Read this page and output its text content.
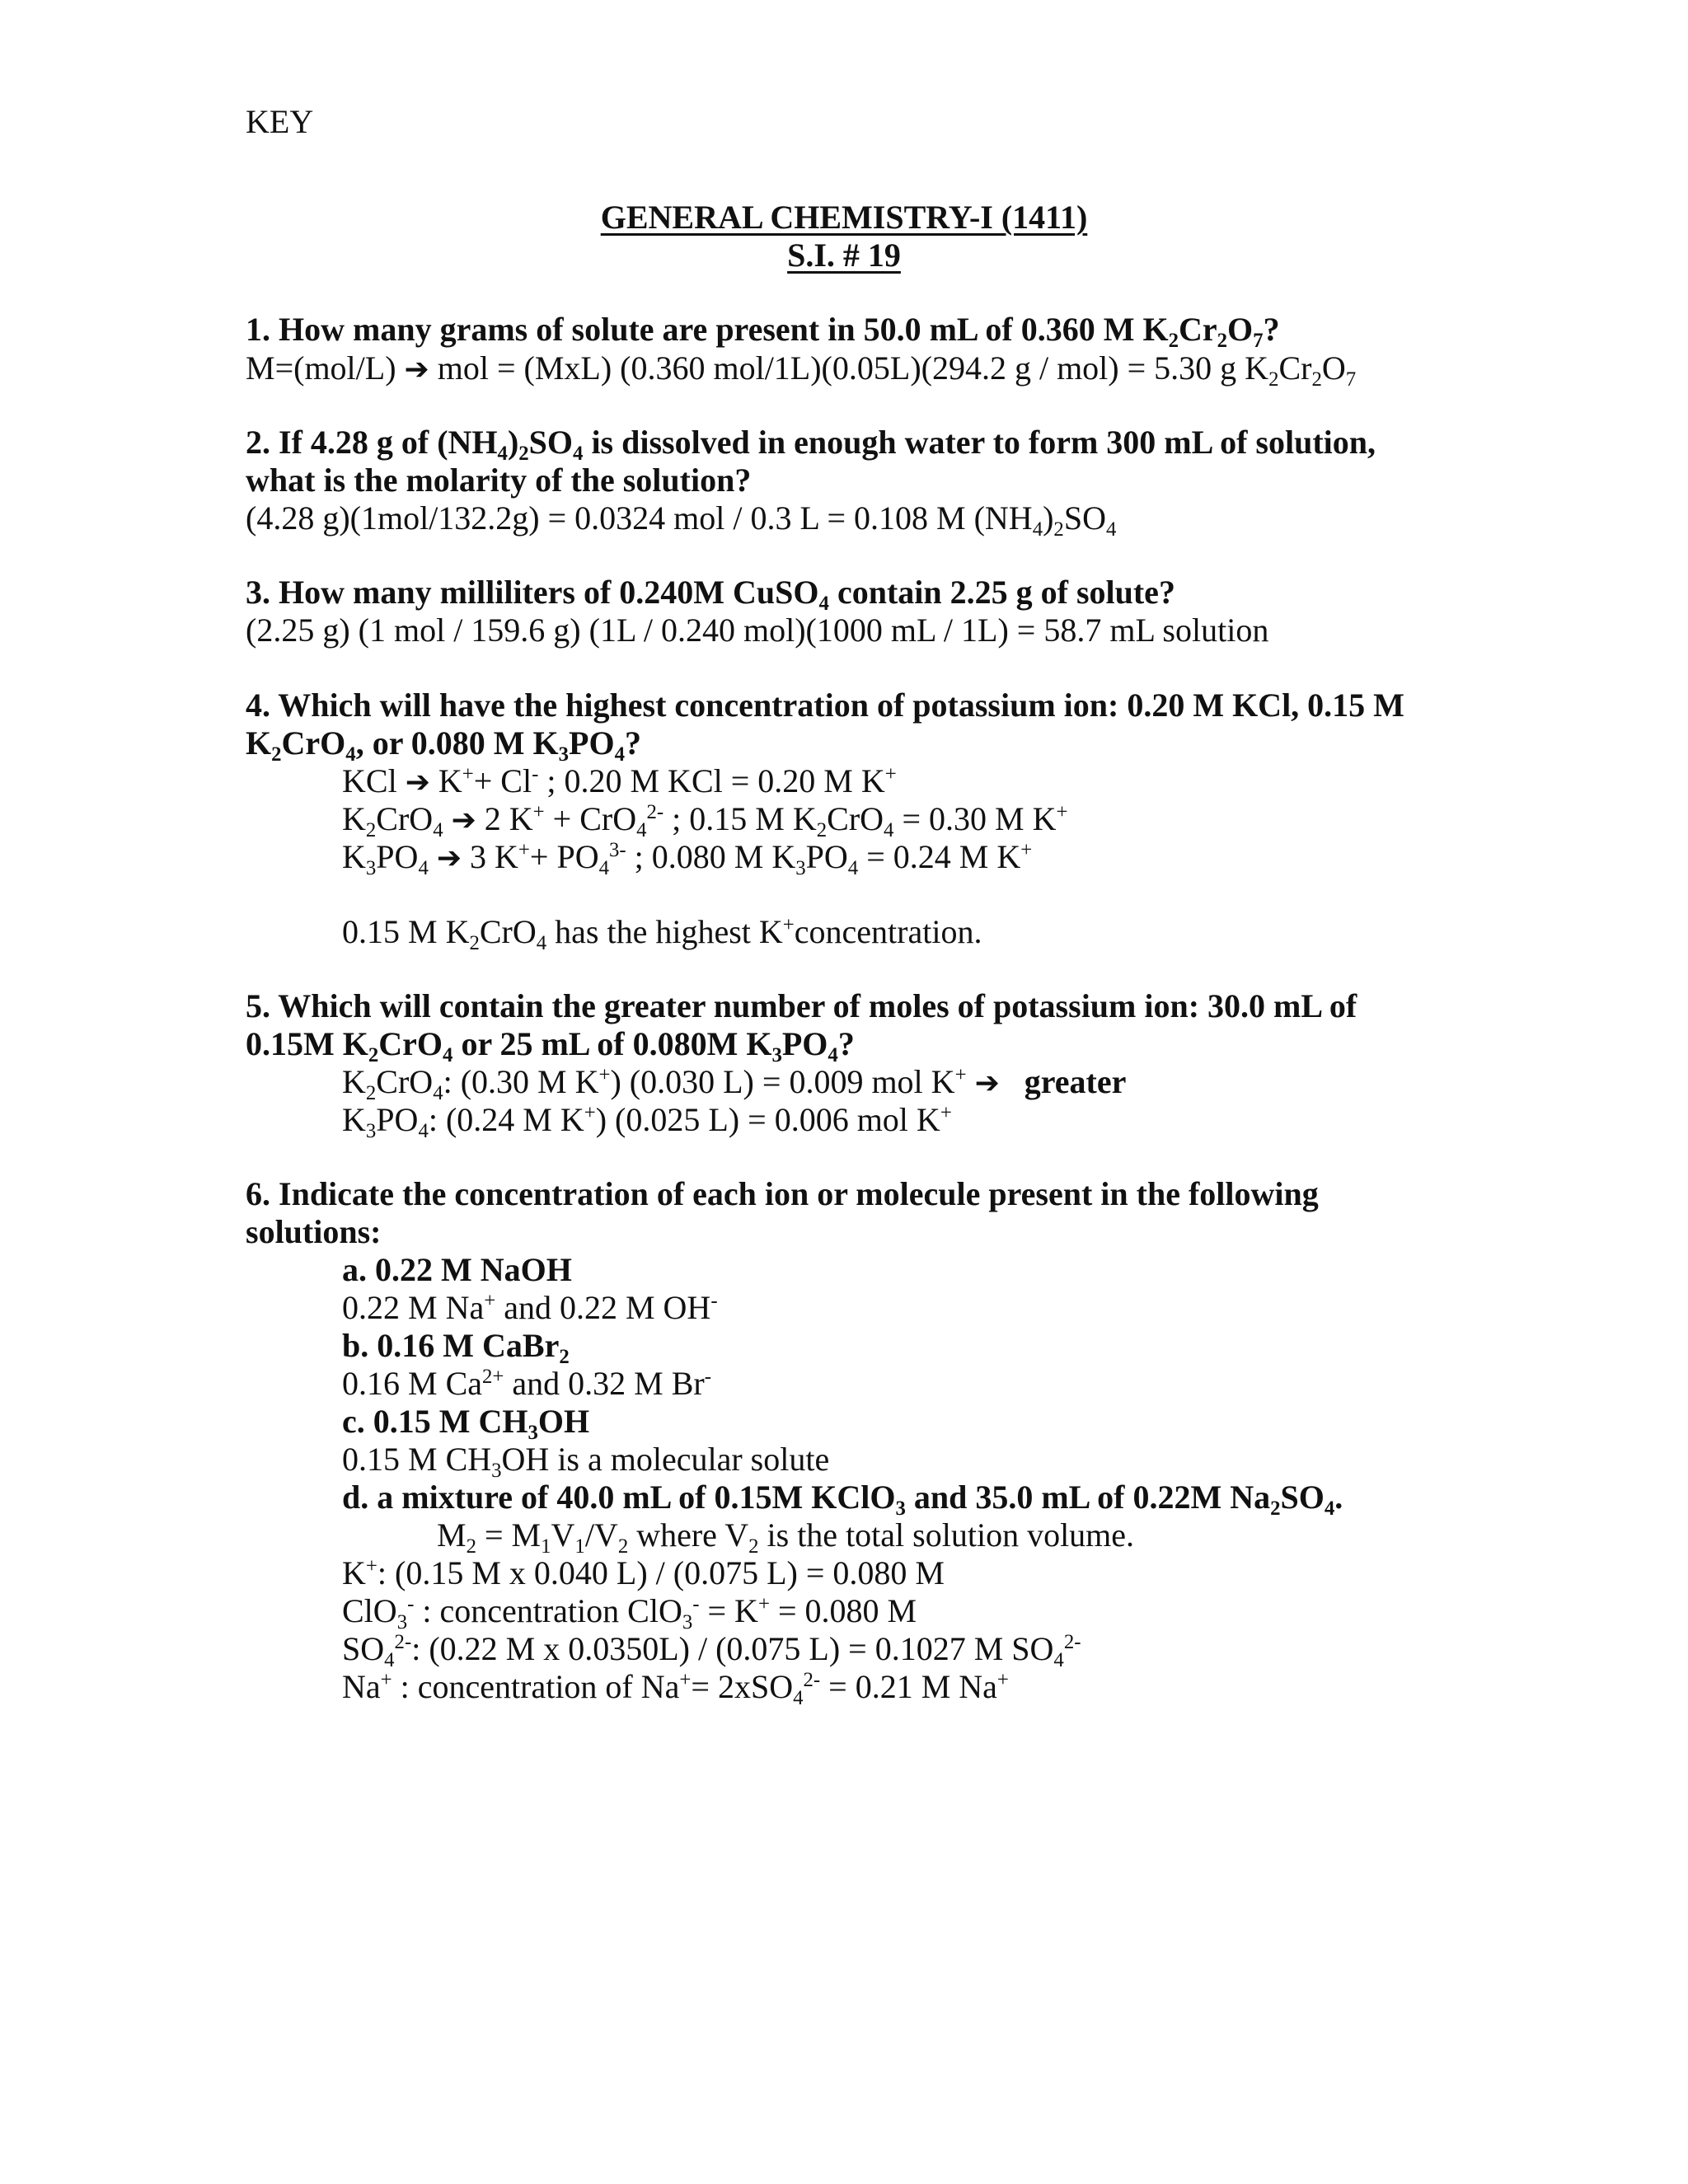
KEY
GENERAL CHEMISTRY-I (1411)
S.I. # 19
1. How many grams of solute are present in 50.0 mL of 0.360 M $K_2Cr_2O_7$?
M=(mol/L) ➔ mol = (MxL) (0.360 mol/1L)(0.05L)(294.2 g / mol) = 5.30 g $K_2Cr_2O_7$
2. If 4.28 g of $(NH_4)_2SO_4$ is dissolved in enough water to form 300 mL of solution,
what is the molarity of the solution?
(4.28 g)(1mol/132.2g) = 0.0324 mol / 0.3 L = 0.108 M $(NH_4)_2SO_4$
3. How many milliliters of 0.240M CuSO$_4$ contain 2.25 g of solute?
(2.25 g) (1 mol / 159.6 g) (1L / 0.240 mol)(1000 mL / 1L) = 58.7 mL solution
4. Which will have the highest concentration of potassium ion: 0.20 M KCl, 0.15 M
$K_2CrO_4$, or 0.080 M $K_3PO_4$?
KCl ➔ K++ Cl- ; 0.20 M KCl = 0.20 M K+
$K_2CrO_4$ ➔ 2 K+ + CrO$_4^{2-}$ ; 0.15 M $K_2CrO_4 = 0.30$ M K+
$K_3PO_4$ ➔ 3 $K^++ PO_4^{3-}$ ; 0.080 M $K_3PO_4 = 0.24$ M K+
0.15 M $K_2CrO_4$ has the highest K+concentration.
5. Which will contain the greater number of moles of potassium ion: 30.0 mL of
0.15M $K_2CrO_4$ or 25 mL of 0.080M $K_3PO_4$?
$K_2CrO_4$: (0.30 M K+) (0.030 L) = 0.009 mol K+ ➔ greater
$K_3PO_4$: (0.24 M K+) (0.025 L) = 0.006 mol K+
6. Indicate the concentration of each ion or molecule present in the following
solutions:
a. 0.22 M NaOH
0.22 M Na+ and 0.22 M OH-
b. 0.16 M CaBr$_2$
0.16 M $Ca^{2+}$ and 0.32 M Br-
c. 0.15 M $CH_3OH$
0.15 M $CH_3OH$ is a molecular solute
d. a mixture of 40.0 mL of 0.15M KClO$_3$ and 35.0 mL of 0.22M $Na_2SO_4$.
$M_2 = M_1V_1/V_2$ where $V_2$ is the total solution volume.
K+: (0.15 M x 0.040 L) / (0.075 L) = 0.080 M
ClO$_3$- : concentration ClO$_3$- = K+ = 0.080 M
$SO_4^{2-}$: (0.22 M x 0.0350L) / (0.075 L) = 0.1027 M $SO_4^{2-}$
Na+ : concentration of Na+= 2xSO$_4^{2-}$ = 0.21 M Na+
